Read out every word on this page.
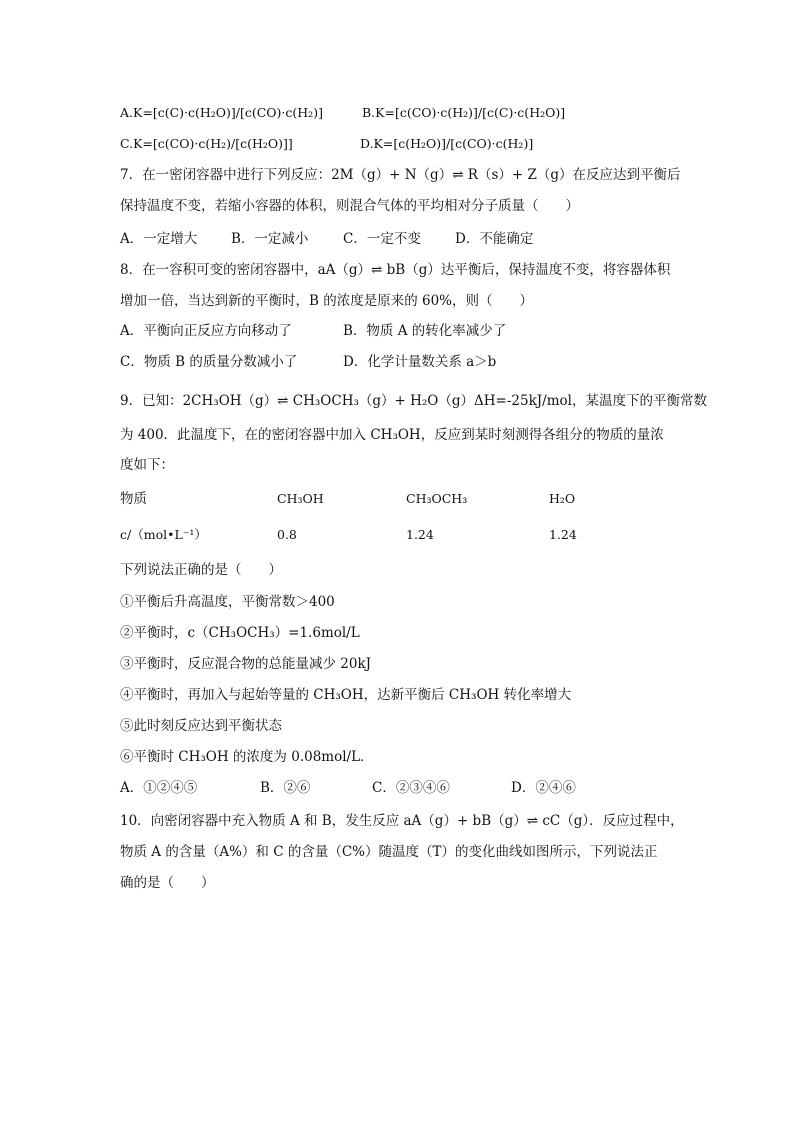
A.K=[c(C)·c(H₂O)]/[c(CO)·c(H₂)]	B.K=[c(CO)·c(H₂)]/[c(C)·c(H₂O)]
C.K=[c(CO)·c(H₂)/[c(H₂O)]]	D.K=[c(H₂O)]/[c(CO)·c(H₂)]
7．在一密闭容器中进行下列反应：2M（g）+ N（g）⇌ R（s）+ Z（g）在反应达到平衡后
保持温度不变，若缩小容器的体积，则混合气体的平均相对分子质量（　　）
A．一定增大	B．一定减小	C．一定不变	D．不能确定
8．在一容积可变的密闭容器中，aA（g）⇌ bB（g）达平衡后，保持温度不变，将容器体积
增加一倍，当达到新的平衡时，B 的浓度是原来的 60%，则（　　）
A．平衡向正反应方向移动了	B．物质 A 的转化率减少了
C．物质 B 的质量分数减小了	D．化学计量数关系 a＞b
9．已知：2CH₃OH（g）⇌ CH₃OCH₃（g）+ H₂O（g）ΔH=-25kJ/mol，某温度下的平衡常数
为 400．此温度下，在的密闭容器中加入 CH₃OH，反应到某时刻测得各组分的物质的量浓
度如下：
物质	CH₃OH	CH₃OCH₃	H₂O
c/（mol•L⁻¹）	0.8	1.24	1.24
下列说法正确的是（　　）
①平衡后升高温度，平衡常数＞400
②平衡时，c（CH₃OCH₃）=1.6mol/L
③平衡时，反应混合物的总能量减少 20kJ
④平衡时，再加入与起始等量的 CH₃OH，达新平衡后 CH₃OH 转化率增大
⑤此时刻反应达到平衡状态
⑥平衡时 CH₃OH 的浓度为 0.08mol/L．
A．①②④⑤	B．②⑥	C．②③④⑥	D．②④⑥
10．向密闭容器中充入物质 A 和 B，发生反应 aA（g）+ bB（g）⇌ cC（g）．反应过程中，
物质 A 的含量（A%）和 C 的含量（C%）随温度（T）的变化曲线如图所示，下列说法正
确的是（　　）
